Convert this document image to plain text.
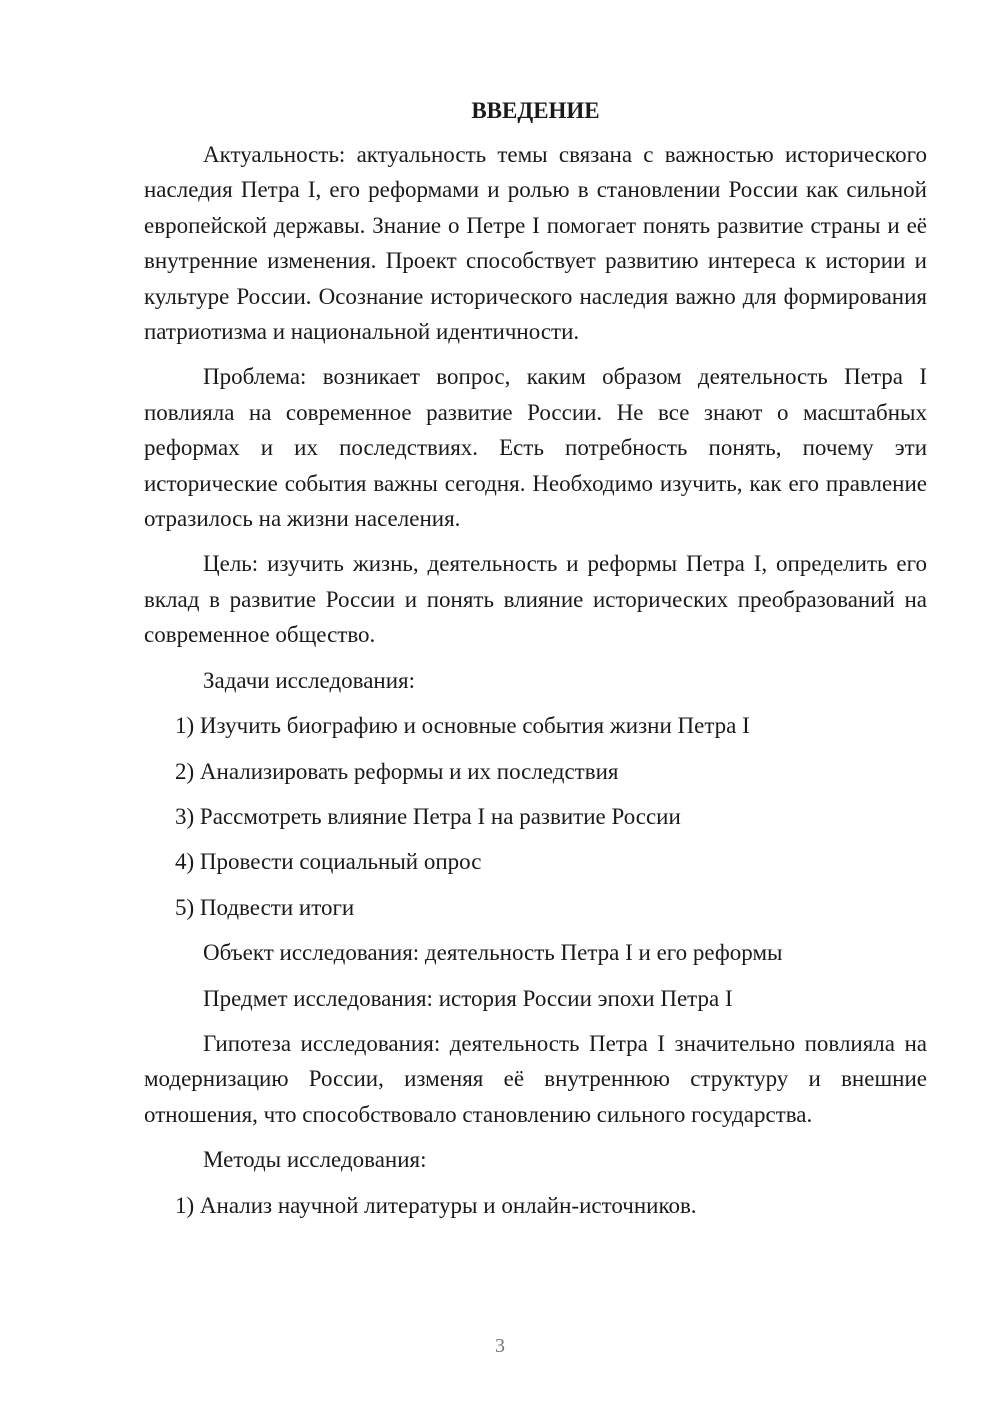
ВВЕДЕНИЕ

Актуальность: актуальность темы связана с важностью исторического наследия Петра I, его реформами и ролью в становлении России как сильной европейской державы. Знание о Петре I помогает понять развитие страны и её внутренние изменения. Проект способствует развитию интереса к истории и культуре России. Осознание исторического наследия важно для формирования патриотизма и национальной идентичности.

Проблема: возникает вопрос, каким образом деятельность Петра I повлияла на современное развитие России. Не все знают о масштабных реформах и их последствиях. Есть потребность понять, почему эти исторические события важны сегодня. Необходимо изучить, как его правление отразилось на жизни населения.

Цель: изучить жизнь, деятельность и реформы Петра I, определить его вклад в развитие России и понять влияние исторических преобразований на современное общество.

Задачи исследования:

1) Изучить биографию и основные события жизни Петра I
2) Анализировать реформы и их последствия
3) Рассмотреть влияние Петра I на развитие России
4) Провести социальный опрос
5) Подвести итоги

Объект исследования: деятельность Петра I и его реформы

Предмет исследования: история России эпохи Петра I

Гипотеза исследования: деятельность Петра I значительно повлияла на модернизацию России, изменяя её внутреннюю структуру и внешние отношения, что способствовало становлению сильного государства.

Методы исследования:

1) Анализ научной литературы и онлайн-источников.
3
